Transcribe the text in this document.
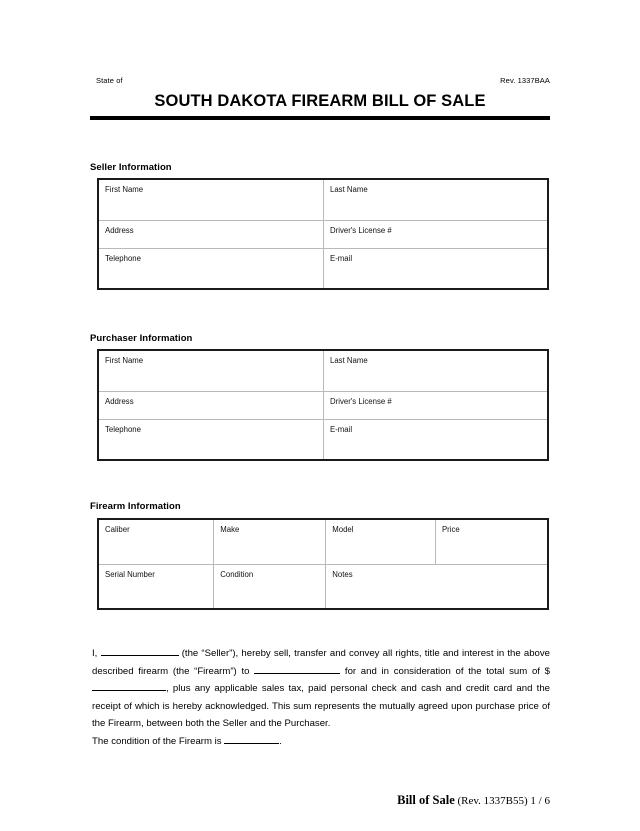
State of	Rev. 1337BAA
SOUTH DAKOTA FIREARM BILL OF SALE
Seller Information
First Name	Last Name
Address	Driver's License #
Telephone	E-mail
Purchaser Information
First Name	Last Name
Address	Driver's License #
Telephone	E-mail
Firearm Information
Caliber	Make	Model	Price
Serial Number	Condition	Notes
I,	(the “Seller”), hereby sell, transfer and convey all rights, title and interest in the above described firearm (the “Firearm”) to	for and in consideration of the total sum of $ , plus any applicable sales tax, paid personal check and cash and credit card and the receipt of which is hereby acknowledged. This sum represents the mutually agreed upon purchase price of the Firearm, between both the Seller and the Purchaser.
The condition of the Firearm is	.
Bill of Sale (Rev. 1337B55) 1 / 6
